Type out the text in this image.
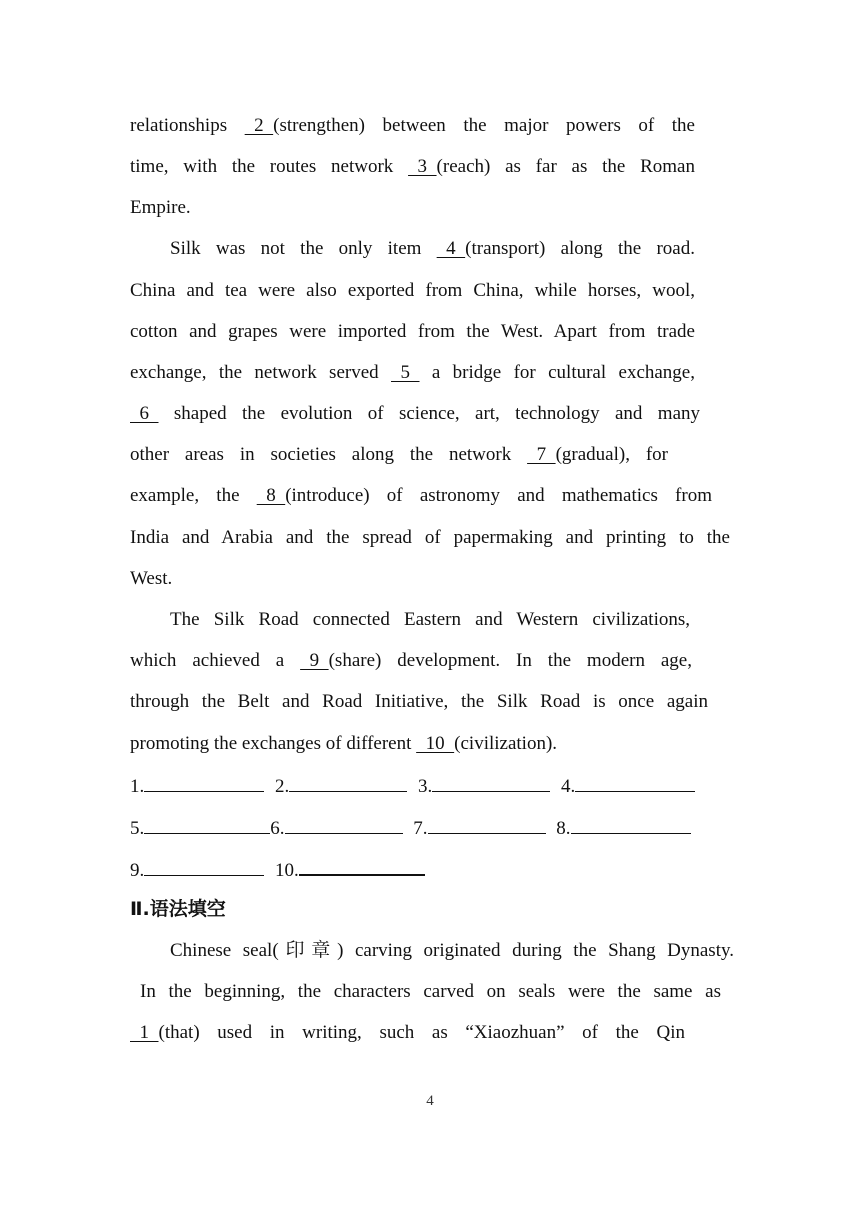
relationships   2  (strengthen) between the major powers of the
time, with the routes network   3  (reach) as far as the Roman
Empire.
Silk was not the only item   4  (transport) along the road.
China and tea were also exported from China, while horses, wool,
cotton and grapes were imported from the West. Apart from trade
exchange, the network served   5   a bridge for cultural exchange,
6   shaped the evolution of science, art, technology and many
other areas in societies along the network   7  (gradual), for
example, the   8  (introduce) of astronomy and mathematics from
India and Arabia and the spread of papermaking and printing to the
West.
The Silk Road connected Eastern and Western civilizations,
which achieved a   9  (share) development. In the modern age,
through the Belt and Road Initiative, the Silk Road is once again
promoting the exchanges of different   10  (civilization).
1.	2.	3.	4.
5.	6.	7.	8.
9.	10.
Ⅱ.语法填空
Chinese seal(印章) carving originated during the Shang Dynasty.
In the beginning, the characters carved on seals were the same as
1  (that) used in writing, such as “Xiaozhuan” of the Qin
4
